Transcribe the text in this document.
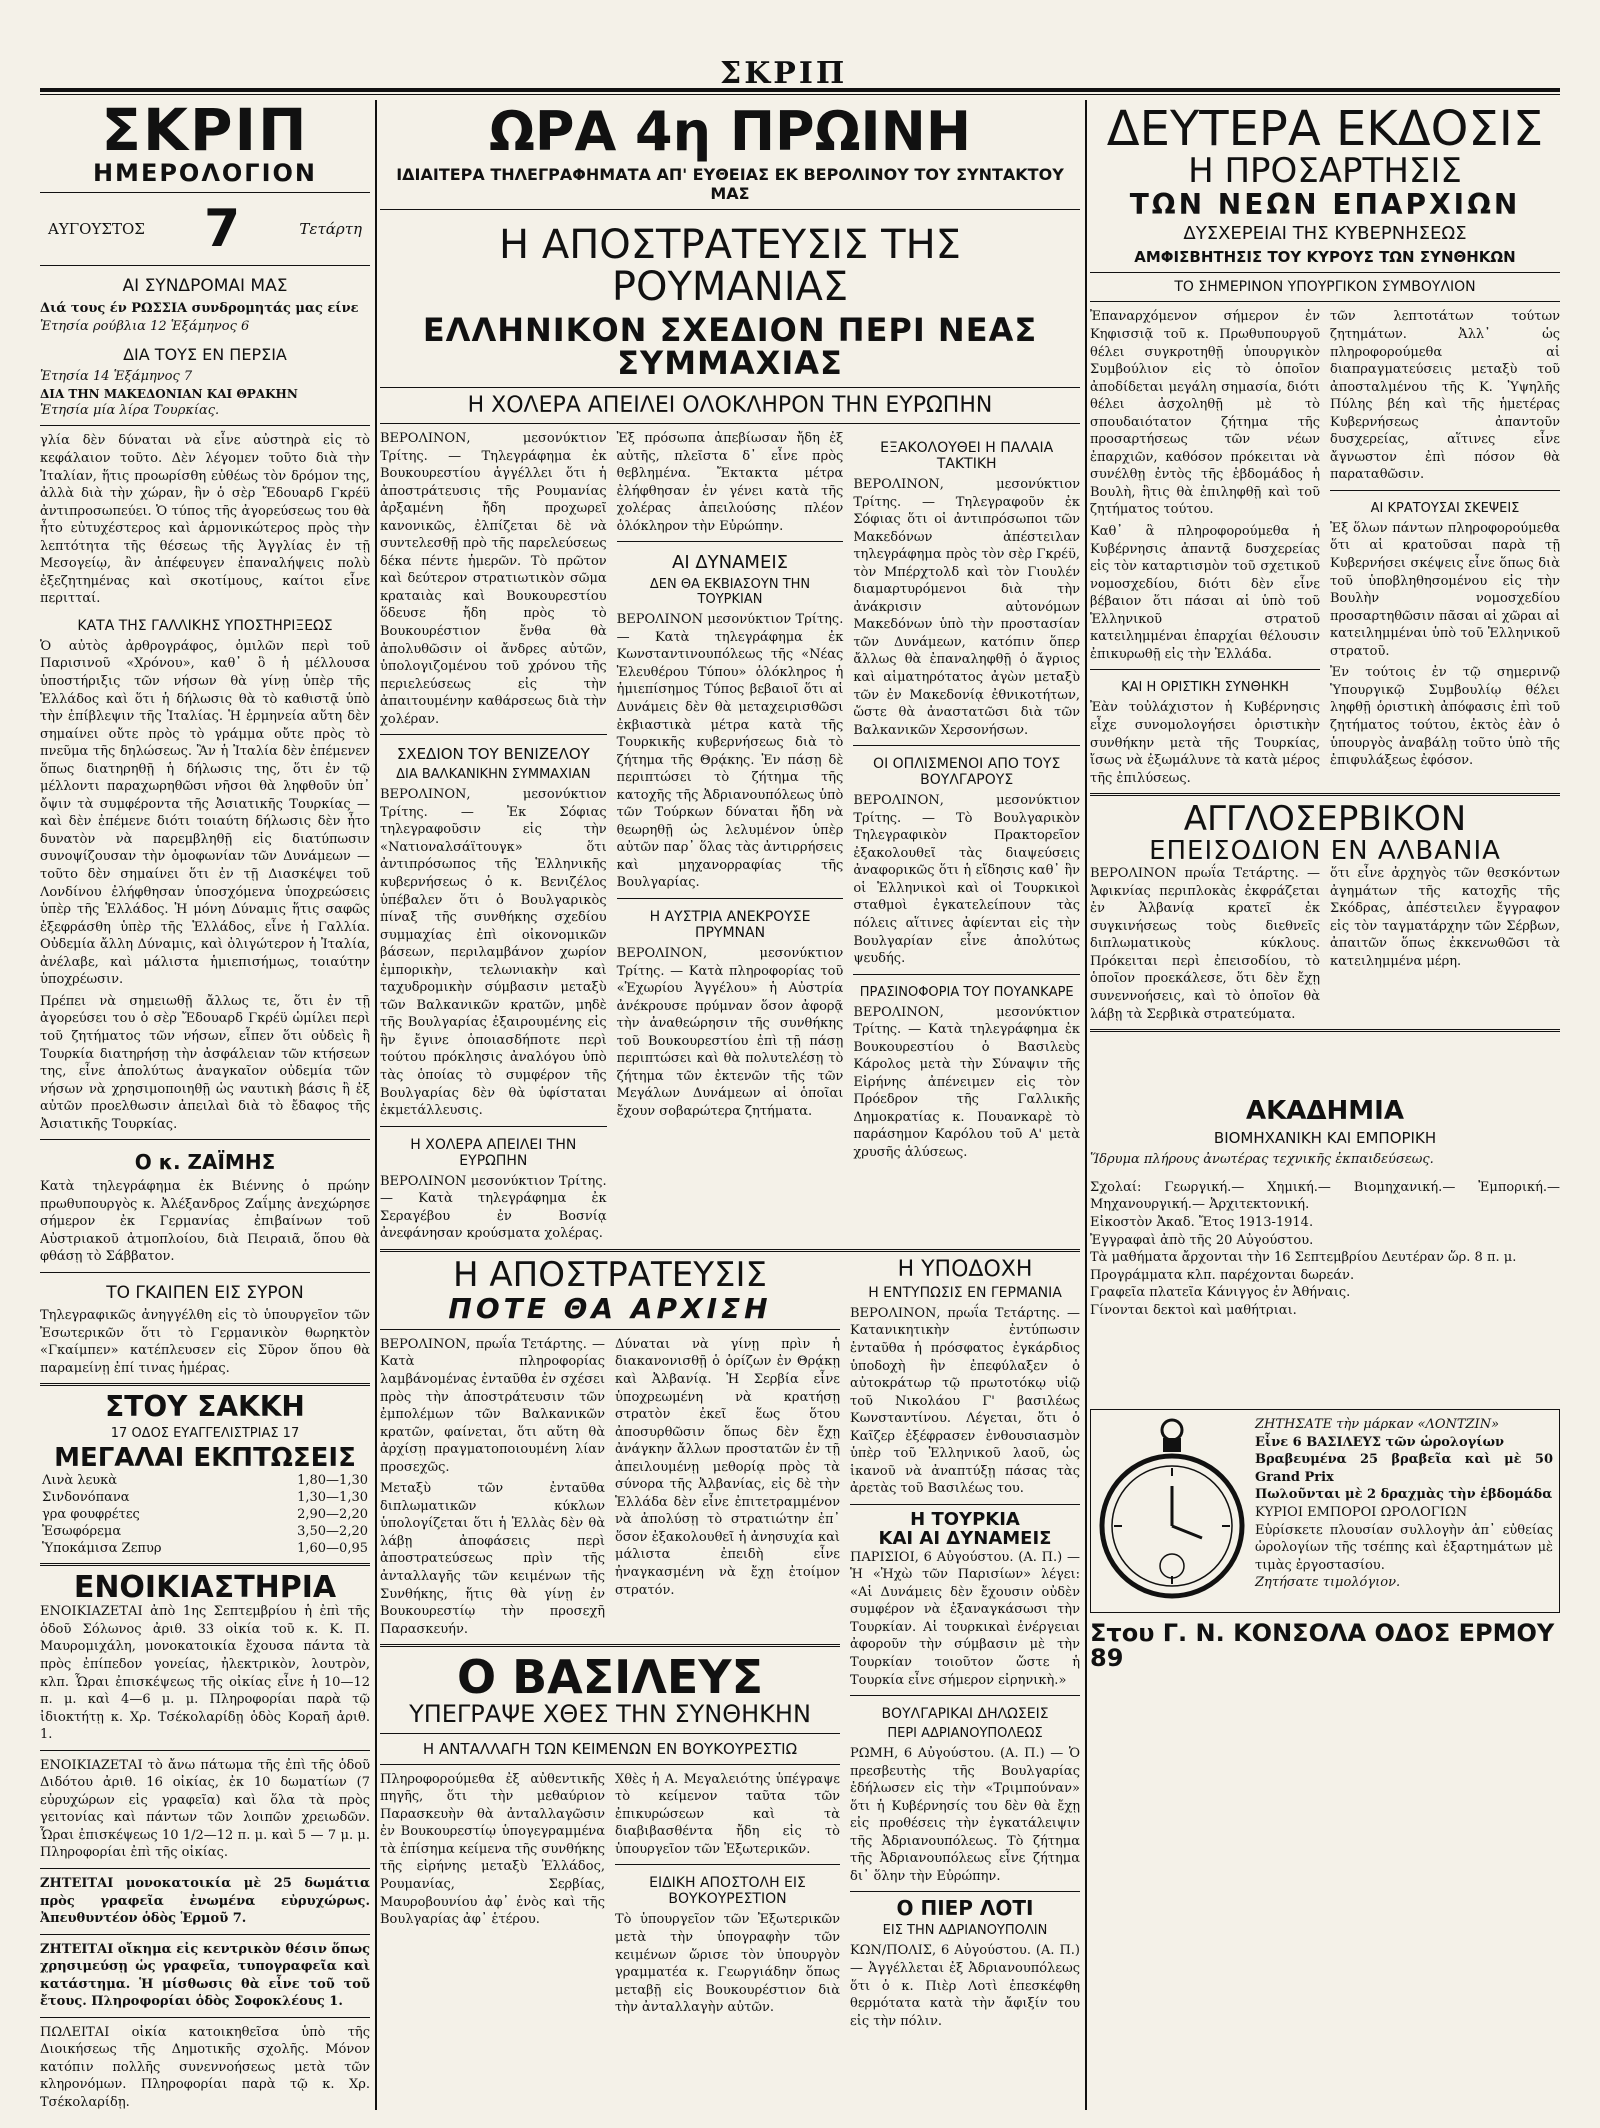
ΣΚΡΙΠ
ΣΚΡΙΠ
ΗΜΕΡΟΛΟΓΙΟΝ
ΑΥΓΟΥΣΤΟΣ 7	Τετάρτη
ΑΙ ΣΥΝΔΡΟΜΑΙ ΜΑΣ
Διά τους έν ΡΩΣΣΙΑ συνδρομητάς μας είνε
Ἐτησία ρούβλια 12 Ἑξάμηνος 6
ΔΙΑ ΤΟΥΣ ΕΝ ΠΕΡΣΙΑ
Ἐτησία 14 Ἑξάμηνος 7
ΔΙΑ ΤΗΝ ΜΑΚΕΔΟΝΙΑΝ ΚΑΙ ΘΡΑΚΗΝ
Ἐτησία μία λίρα Τουρκίας.
γλία δὲν δύναται νὰ εἶνε αὐστηρὰ εἰς τὸ κεφάλαιον τοῦτο. Δὲν λέγομεν τοῦτο διὰ τὴν Ἰταλίαν, ἥτις προωρίσθη εὐθέως τὸν δρόμον της, ἀλλὰ διὰ τὴν χώραν, ἣν ὁ σὲρ Ἔδουαρδ Γκρέϋ ἀντιπροσωπεύει. Ὁ τύπος τῆς ἀγορεύσεως του θὰ ἦτο εὐτυχέστερος καὶ ἁρμονικώτερος πρὸς τὴν λεπτότητα τῆς θέσεως τῆς Ἀγγλίας ἐν τῇ Μεσογείῳ, ἂν ἀπέφευγεν ἐπαναλήψεις πολὺ ἐξεζητημένας καὶ σκοτίμους, καίτοι εἶνε περιτταί.
ΚΑΤΑ ΤΗΣ ΓΑΛΛΙΚΗΣ ΥΠΟΣΤΗΡΙΞΕΩΣ
Ὁ αὐτὸς ἀρθρογράφος, ὁμιλῶν περὶ τοῦ Παρισινοῦ «Χρόνου», καθ᾽ ὃ ἡ μέλλουσα ὑποστήριξις τῶν νήσων θὰ γίνῃ ὑπὲρ τῆς Ἑλλάδος καὶ ὅτι ἡ δήλωσις θὰ τὸ καθιστᾷ ὑπὸ τὴν ἐπίβλεψιν τῆς Ἰταλίας. Ἡ ἑρμηνεία αὕτη δὲν σημαίνει οὔτε πρὸς τὸ γράμμα οὔτε πρὸς τὸ πνεῦμα τῆς δηλώσεως. Ἂν ἡ Ἰταλία δὲν ἐπέμενεν ὅπως διατηρηθῇ ἡ δήλωσις της, ὅτι ἐν τῷ μέλλοντι παραχωρηθῶσι νῆσοι θὰ ληφθοῦν ὑπ᾽ ὄψιν τὰ συμφέροντα τῆς Ἀσιατικῆς Τουρκίας — καὶ δὲν ἐπέμενε διότι τοιαύτη δήλωσις δὲν ἦτο δυνατὸν νὰ παρεμβληθῇ εἰς διατύπωσιν συνοψίζουσαν τὴν ὁμοφωνίαν τῶν Δυνάμεων — τοῦτο δὲν σημαίνει ὅτι ἐν τῇ Διασκέψει τοῦ Λονδίνου ἐλήφθησαν ὑποσχόμενα ὑποχρεώσεις ὑπὲρ τῆς Ἑλλάδος. Ἡ μόνη Δύναμις ἥτις σαφῶς ἐξεφράσθη ὑπὲρ τῆς Ἑλλάδος, εἶνε ἡ Γαλλία. Οὐδεμία ἄλλη Δύναμις, καὶ ὀλιγώτερον ἡ Ἰταλία, ἀνέλαβε, καὶ μάλιστα ἡμιεπισήμως, τοιαύτην ὑποχρέωσιν.
Πρέπει νὰ σημειωθῇ ἄλλως τε, ὅτι ἐν τῇ ἀγορεύσει του ὁ σὲρ Ἔδουαρδ Γκρέϋ ὡμίλει περὶ τοῦ ζητήματος τῶν νήσων, εἶπεν ὅτι οὐδεὶς ἢ Τουρκία διατηρήσῃ τὴν ἀσφάλειαν τῶν κτήσεων της, εἶνε ἀπολύτως ἀναγκαῖον οὐδεμία τῶν νήσων νὰ χρησιμοποιηθῇ ὡς ναυτικὴ βάσις ἢ ἐξ αὐτῶν προελθωσιν ἀπειλαὶ διὰ τὸ ἔδαφος τῆς Ἀσιατικῆς Τουρκίας.
Ο κ. ΖΑΪΜΗΣ
Κατὰ τηλεγράφημα ἐκ Βιέννης ὁ πρώην πρωθυπουργὸς κ. Ἀλέξανδρος Ζαΐμης ἀνεχώρησε σήμερον ἐκ Γερμανίας ἐπιβαίνων τοῦ Αὐστριακοῦ ἀτμοπλοίου, διὰ Πειραιᾶ, ὅπου θὰ φθάσῃ τὸ Σάββατον.
ΤΟ ΓΚΑΙΠΕΝ ΕΙΣ ΣΥΡΟΝ
Τηλεγραφικῶς ἀνηγγέλθη εἰς τὸ ὑπουργεῖον τῶν Ἐσωτερικῶν ὅτι τὸ Γερμανικὸν θωρηκτὸν «Γκαίμπεν» κατέπλευσεν εἰς Σῦρον ὅπου θὰ παραμείνῃ ἐπί τινας ἡμέρας.
ΣΤΟΥ ΣΑΚΚΗ
17 ΟΔΟΣ ΕΥΑΓΓΕΛΙΣΤΡΙΑΣ 17
ΜΕΓΑΛΑΙ ΕΚΠΤΩΣΕΙΣ
Λινὰ λευκὰ	1,80—1,30
Σινδονόπανα	1,30—1,30
γρα φουφρέτες	2,90—2,20
Ἐσωφόρεμα	3,50—2,20
Ὑποκάμισα Ζεπυρ	1,60—0,95
ΕΝΟΙΚΙΑΣΤΗΡΙΑ
ΕΝΟΙΚΙΑΖΕΤΑΙ ἀπὸ 1ης Σεπτεμβρίου ἡ ἐπὶ τῆς ὁδοῦ Σόλωνος ἀριθ. 33 οἰκία τοῦ κ. Κ. Π. Μαυρομιχάλη, μονοκατοικία ἔχουσα πάντα τὰ πρὸς ἐπίπεδον γονείας, ἠλεκτρικὸν, λουτρὸν, κλπ. Ὧραι ἐπισκέψεως τῆς οἰκίας εἶνε ἡ 10—12 π. μ. καὶ 4—6 μ. μ. Πληροφορίαι παρὰ τῷ ἰδιοκτήτῃ κ. Χρ. Τσέκολαρίδῃ ὁδὸς Κοραῆ ἀριθ. 1.
ΕΝΟΙΚΙΑΖΕΤΑΙ τὸ ἄνω πάτωμα τῆς ἐπὶ τῆς ὁδοῦ Διδότου ἀριθ. 16 οἰκίας, ἐκ 10 δωματίων (7 εὐρυχώρων εἰς γραφεῖα) καὶ ὅλα τὰ πρὸς γειτονίας καὶ πάντων τῶν λοιπῶν χρειωδῶν. Ὧραι ἐπισκέψεως 10 1/2—12 π. μ. καὶ 5 — 7 μ. μ. Πληροφορίαι ἐπὶ τῆς οἰκίας.
ΖΗΤΕΙΤΑΙ μονοκατοικία μὲ 25 δωμάτια πρὸς γραφεῖα ἐνωμένα εὐρυχώρως. Ἀπευθυντέον ὁδὸς Ἑρμοῦ 7.
ΖΗΤΕΙΤΑΙ οἴκημα εἰς κεντρικὸν θέσιν ὅπως χρησιμεύσῃ ὡς γραφεῖα, τυπογραφεῖα καὶ κατάστημα. Ἡ μίσθωσις θὰ εἶνε τοῦ τοῦ ἔτους. Πληροφορίαι ὁδὸς Σοφοκλέους 1.
ΠΩΛΕΙΤΑΙ οἰκία κατοικηθεῖσα ὑπὸ τῆς Διοικήσεως τῆς Δημοτικῆς σχολῆς. Μόνον κατόπιν πολλῆς συνεννοήσεως μετὰ τῶν κληρονόμων. Πληροφορίαι παρὰ τῷ κ. Χρ. Τσέκολαρίδῃ.
ΩΡΑ 4η ΠΡΩΙΝΗ
ΙΔΙΑΙΤΕΡΑ ΤΗΛΕΓΡΑΦΗΜΑΤΑ ΑΠ' ΕΥΘΕΙΑΣ ΕΚ ΒΕΡΟΛΙΝΟΥ ΤΟΥ ΣΥΝΤΑΚΤΟΥ ΜΑΣ
Η ΑΠΟΣΤΡΑΤΕΥΣΙΣ ΤΗΣ ΡΟΥΜΑΝΙΑΣ
ΕΛΛΗΝΙΚΟΝ ΣΧΕΔΙΟΝ ΠΕΡΙ ΝΕΑΣ ΣΥΜΜΑΧΙΑΣ
Η ΧΟΛΕΡΑ ΑΠΕΙΛΕΙ ΟΛΟΚΛΗΡΟΝ ΤΗΝ ΕΥΡΩΠΗΝ
ΒΕΡΟΛΙΝΟΝ, μεσονύκτιον Τρίτης. — Τηλεγράφημα ἐκ Βουκουρεστίου ἀγγέλλει ὅτι ἡ ἀποστράτευσις τῆς Ρουμανίας ἀρξαμένη ἤδη προχωρεῖ κανονικῶς, ἐλπίζεται δὲ νὰ συντελεσθῇ πρὸ τῆς παρελεύσεως δέκα πέντε ἡμερῶν. Τὸ πρῶτον καὶ δεύτερον στρατιωτικὸν σῶμα κραταιὰς καὶ Βουκουρεστίου ὅδευσε ἤδη πρὸς τὸ Βουκουρέστιον ἔνθα θὰ ἀπολυθῶσιν οἱ ἄνδρες αὐτῶν, ὑπολογιζομένου τοῦ χρόνου τῆς περιελεύσεως εἰς τὴν ἀπαιτουμένην καθάρσεως διὰ τὴν χολέραν.
ΣΧΕΔΙΟΝ ΤΟΥ ΒΕΝΙΖΕΛΟΥ
ΔΙΑ ΒΑΛΚΑΝΙΚΗΝ ΣΥΜΜΑΧΙΑΝ
ΒΕΡΟΛΙΝΟΝ, μεσονύκτιον Τρίτης. — Ἐκ Σόφιας τηλεγραφοῦσιν εἰς τὴν «Νατιοναλσάϊτουγκ» ὅτι ἀντιπρόσωπος τῆς Ἑλληνικῆς κυβερνήσεως ὁ κ. Βενιζέλος ὑπέβαλεν ὅτι ὁ Βουλγαρικὸς πίναξ τῆς συνθήκης σχεδίου συμμαχίας ἐπὶ οἰκονομικῶν βάσεων, περιλαμβάνον χωρίον ἐμπορικὴν, τελωνιακὴν καὶ ταχυδρομικὴν σύμβασιν μεταξὺ τῶν Βαλκανικῶν κρατῶν, μηδὲ τῆς Βουλγαρίας ἐξαιρουμένης εἰς ἣν ἔγινε ὁποιασδήποτε περὶ τούτου πρόκλησις ἀναλόγου ὑπὸ τὰς ὁποίας τὸ συμφέρον τῆς Βουλγαρίας δὲν θὰ ὑφίσταται ἐκμετάλλευσις.
Η ΧΟΛΕΡΑ ΑΠΕΙΛΕΙ ΤΗΝ ΕΥΡΩΠΗΝ
ΒΕΡΟΛΙΝΟΝ μεσονύκτιον Τρίτης. — Κατὰ τηλεγράφημα ἐκ Σεραγέβου ἐν Βοσνίᾳ ἀνεφάνησαν κρούσματα χολέρας.
Ἐξ πρόσωπα ἀπεβίωσαν ἤδη ἐξ αὐτῆς, πλεῖστα δ᾽ εἶνε πρὸς θεβλημένα. Ἔκτακτα μέτρα ἐλήφθησαν ἐν γένει κατὰ τῆς χολέρας ἀπειλούσης πλέον ὁλόκληρον τὴν Εὐρώπην.
ΑΙ ΔΥΝΑΜΕΙΣ
ΔΕΝ ΘΑ ΕΚΒΙΑΣΟΥΝ ΤΗΝ ΤΟΥΡΚΙΑΝ
ΒΕΡΟΛΙΝΟΝ μεσονύκτιον Τρίτης. — Κατὰ τηλεγράφημα ἐκ Κωνσταντινουπόλεως τῆς «Νέας Ἐλευθέρου Τύπου» ὁλόκληρος ἡ ἡμιεπίσημος Τύπος βεβαιοῖ ὅτι αἱ Δυνάμεις δὲν θὰ μεταχειρισθῶσι ἐκβιαστικὰ μέτρα κατὰ τῆς Τουρκικῆς κυβερνήσεως διὰ τὸ ζήτημα τῆς Θρᾴκης. Ἐν πάσῃ δὲ περιπτώσει τὸ ζήτημα τῆς κατοχῆς τῆς Ἀδριανουπόλεως ὑπὸ τῶν Τούρκων δύναται ἤδη νὰ θεωρηθῇ ὡς λελυμένον ὑπὲρ αὐτῶν παρ᾽ ὅλας τὰς ἀντιρρήσεις καὶ μηχανορραφίας τῆς Βουλγαρίας.
Η ΑΥΣΤΡΙΑ ΑΝΕΚΡΟΥΣΕ ΠΡΥΜΝΑΝ
ΒΕΡΟΛΙΝΟΝ, μεσονύκτιον Τρίτης. — Κατὰ πληροφορίας τοῦ «Ἐχωρίου Ἀγγέλου» ἡ Αὐστρία ἀνέκρουσε πρύμναν ὅσον ἀφορᾷ τὴν ἀναθεώρησιν τῆς συνθήκης τοῦ Βουκουρεστίου ἐπὶ τῇ πάσῃ περιπτώσει καὶ θὰ πολυτελέσῃ τὸ ζήτημα τῶν ἐκτενῶν τῆς τῶν Μεγάλων Δυνάμεων αἱ ὁποῖαι ἔχουν σοβαρώτερα ζητήματα.
ΕΞΑΚΟΛΟΥΘΕΙ Η ΠΑΛΑΙΑ ΤΑΚΤΙΚΗ
ΒΕΡΟΛΙΝΟΝ, μεσονύκτιον Τρίτης. — Τηλεγραφοῦν ἐκ Σόφιας ὅτι οἱ ἀντιπρόσωποι τῶν Μακεδόνων ἀπέστειλαν τηλεγράφημα πρὸς τὸν σὲρ Γκρέϋ, τὸν Μπέρχτολδ καὶ τὸν Γιουλέν διαμαρτυρόμενοι διὰ τὴν ἀνάκρισιν αὐτονόμων Μακεδόνων ὑπὸ τὴν προστασίαν τῶν Δυνάμεων, κατόπιν ὅπερ ἄλλως θὰ ἐπαναληφθῇ ὁ ἄγριος καὶ αἱματηρότατος ἀγὼν μεταξὺ τῶν ἐν Μακεδονίᾳ ἐθνικοτήτων, ὥστε θὰ ἀναστατῶσι διὰ τῶν Βαλκανικῶν Χερσονήσων.
ΟΙ ΟΠΛΙΣΜΕΝΟΙ ΑΠΟ ΤΟΥΣ ΒΟΥΛΓΑΡΟΥΣ
ΒΕΡΟΛΙΝΟΝ, μεσονύκτιον Τρίτης. — Τὸ Βουλγαρικὸν Τηλεγραφικὸν Πρακτορεῖον ἐξακολουθεῖ τὰς διαψεύσεις ἀναφορικῶς ὅτι ἡ εἴδησις καθ᾽ ἣν οἱ Ἑλληνικοὶ καὶ οἱ Τουρκικοὶ σταθμοὶ ἐγκατελείπουν τὰς πόλεις αἵτινες ἀφίενται εἰς τὴν Βουλγαρίαν εἶνε ἀπολύτως ψευδής.
ΠΡΑΣΙΝΟΦΟΡΙΑ ΤΟΥ ΠΟΥΑΝΚΑΡΕ
ΒΕΡΟΛΙΝΟΝ, μεσονύκτιον Τρίτης. — Κατὰ τηλεγράφημα ἐκ Βουκουρεστίου ὁ Βασιλεὺς Κάρολος μετὰ τὴν Σύναψιν τῆς Εἰρήνης ἀπένειμεν εἰς τὸν Πρόεδρον τῆς Γαλλικῆς Δημοκρατίας κ. Πουανκαρὲ τὸ παράσημον Καρόλου τοῦ Α' μετὰ χρυσῆς ἁλύσεως.
Η ΑΠΟΣΤΡΑΤΕΥΣΙΣ
ΠΟΤΕ ΘΑ ΑΡΧΙΣΗ
ΒΕΡΟΛΙΝΟΝ, πρωΐα Τετάρτης. — Κατὰ πληροφορίας λαμβάνομένας ἐνταῦθα ἐν σχέσει πρὸς τὴν ἀποστράτευσιν τῶν ἐμπολέμων τῶν Βαλκανικῶν κρατῶν, φαίνεται, ὅτι αὕτη θὰ ἀρχίσῃ πραγματοποιουμένη λίαν προσεχῶς.
Μεταξὺ τῶν ἐνταῦθα διπλωματικῶν κύκλων ὑπολογίζεται ὅτι ἡ Ἑλλὰς δὲν θὰ λάβῃ ἀποφάσεις περὶ ἀποστρατεύσεως πρὶν τῆς ἀνταλλαγῆς τῶν κειμένων τῆς Συνθήκης, ἥτις θὰ γίνῃ ἐν Βουκουρεστίῳ τὴν προσεχῆ Παρασκευήν.
Δύναται νὰ γίνῃ πρὶν ἡ διακανονισθῇ ὁ ὁρίζων ἐν Θρᾴκῃ καὶ Ἀλβανίᾳ. Ἡ Σερβία εἶνε ὑποχρεωμένη νὰ κρατήσῃ στρατὸν ἐκεῖ ἕως ὅτου ἀποσυρθῶσιν ὅπως δὲν ἔχῃ ἀνάγκην ἄλλων προστατῶν ἐν τῇ ἀπειλουμένῃ μεθορίᾳ πρὸς τὰ σύνορα τῆς Ἀλβανίας, εἰς δὲ τὴν Ἑλλάδα δὲν εἶνε ἐπιτετραμμένον νὰ ἀπολύσῃ τὸ στρατιώτην ἐπ᾽ ὅσον ἐξακολουθεῖ ἡ ἀνησυχία καὶ μάλιστα ἐπειδὴ εἶνε ἠναγκασμένη νὰ ἔχῃ ἐτοίμον στρατόν.
Ο ΒΑΣΙΛΕΥΣ
ΥΠΕΓΡΑΨΕ ΧΘΕΣ ΤΗΝ ΣΥΝΘΗΚΗΝ
Η ΑΝΤΑΛΛΑΓΗ ΤΩΝ ΚΕΙΜΕΝΩΝ ΕΝ ΒΟΥΚΟΥΡΕΣΤΙΩ
Πληροφορούμεθα ἐξ αὐθεντικῆς πηγῆς, ὅτι τὴν μεθαύριον Παρασκευὴν θὰ ἀνταλλαγῶσιν ἐν Βουκουρεστίῳ ὑπογεγραμμένα τὰ ἐπίσημα κείμενα τῆς συνθήκης τῆς εἰρήνης μεταξὺ Ἑλλάδος, Ρουμανίας, Σερβίας, Μαυροβουνίου ἀφ᾽ ἑνὸς καὶ τῆς Βουλγαρίας ἀφ᾽ ἑτέρου.
Χθὲς ἡ Α. Μεγαλειότης ὑπέγραψε τὸ κείμενον ταῦτα τῶν ἐπικυρώσεων καὶ τὰ διαβιβασθέντα ἤδη εἰς τὸ ὑπουργεῖον τῶν Ἐξωτερικῶν.
ΕΙΔΙΚΗ ΑΠΟΣΤΟΛΗ ΕΙΣ ΒΟΥΚΟΥΡΕΣΤΙΟΝ
Τὸ ὑπουργεῖον τῶν Ἐξωτερικῶν μετὰ τὴν ὑπογραφὴν τῶν κειμένων ὥρισε τὸν ὑπουργὸν γραμματέα κ. Γεωργιάδην ὅπως μεταβῇ εἰς Βουκουρέστιον διὰ τὴν ἀνταλλαγὴν αὐτῶν.
Η ΥΠΟΔΟΧΗ
Η ΕΝΤΥΠΩΣΙΣ ΕΝ ΓΕΡΜΑΝΙΑ
ΒΕΡΟΛΙΝΟΝ, πρωΐα Τετάρτης. — Κατανικητικὴν ἐντύπωσιν ἐνταῦθα ἡ πρόσφατος ἐγκάρδιος ὑποδοχὴ ἣν ἐπεφύλαξεν ὁ αὐτοκράτωρ τῷ πρωτοτόκῳ υἱῷ τοῦ Νικολάου Γ' βασιλέως Κωνσταντίνου. Λέγεται, ὅτι ὁ Καῖζερ ἐξέφρασεν ἐνθουσιασμὸν ὑπὲρ τοῦ Ἑλληνικοῦ λαοῦ, ὡς ἱκανοῦ νὰ ἀναπτύξῃ πάσας τὰς ἀρετὰς τοῦ Βασιλέως του.
Η ΤΟΥΡΚΙΑ
ΚΑΙ ΑΙ ΔΥΝΑΜΕΙΣ
ΠΑΡΙΣΙΟΙ, 6 Αὐγούστου. (Α. Π.) — Ἡ «Ἠχὼ τῶν Παρισίων» λέγει: «Αἱ Δυνάμεις δὲν ἔχουσιν οὐδὲν συμφέρον νὰ ἐξαναγκάσωσι τὴν Τουρκίαν. Αἱ τουρκικαὶ ἐνέργειαι ἀφοροῦν τὴν σύμβασιν μὲ τὴν Τουρκίαν τοιοῦτον ὥστε ἡ Τουρκία εἶνε σήμερον εἰρηνικὴ.»
ΒΟΥΛΓΑΡΙΚΑΙ ΔΗΛΩΣΕΙΣ
ΠΕΡΙ ΑΔΡΙΑΝΟΥΠΟΛΕΩΣ
ΡΩΜΗ, 6 Αὐγούστου. (Α. Π.) — Ὁ πρεσβευτὴς τῆς Βουλγαρίας ἐδήλωσεν εἰς τὴν «Τριμπούναν» ὅτι ἡ Κυβέρνησίς του δὲν θὰ ἔχῃ εἰς προθέσεις τὴν ἐγκατάλειψιν τῆς Ἀδριανουπόλεως. Τὸ ζήτημα τῆς Ἀδριανουπόλεως εἶνε ζήτημα δι᾽ ὅλην τὴν Εὐρώπην.
Ο ΠΙΕΡ ΛΟΤΙ
ΕΙΣ ΤΗΝ ΑΔΡΙΑΝΟΥΠΟΛΙΝ
ΚΩΝ/ΠΟΛΙΣ, 6 Αὐγούστου. (Α. Π.) — Ἀγγέλλεται ἐξ Ἀδριανουπόλεως ὅτι ὁ κ. Πιὲρ Λοτὶ ἐπεσκέφθη θερμότατα κατὰ τὴν ἄφιξίν του εἰς τὴν πόλιν.
ΔΕΥΤΕΡΑ ΕΚΔΟΣΙΣ
Η ΠΡΟΣΑΡΤΗΣΙΣ
ΤΩΝ ΝΕΩΝ ΕΠΑΡΧΙΩΝ
ΔΥΣΧΕΡΕΙΑΙ ΤΗΣ ΚΥΒΕΡΝΗΣΕΩΣ
ΑΜΦΙΣΒΗΤΗΣΙΣ ΤΟΥ ΚΥΡΟΥΣ ΤΩΝ ΣΥΝΘΗΚΩΝ
ΤΟ ΣΗΜΕΡΙΝΟΝ ΥΠΟΥΡΓΙΚΟΝ ΣΥΜΒΟΥΛΙΟΝ
Ἐπαναρχόμενον σήμερον ἐν Κηφισσιᾷ τοῦ κ. Πρωθυπουργοῦ θέλει συγκροτηθῇ ὑπουργικὸν Συμβούλιον εἰς τὸ ὁποῖον ἀποδίδεται μεγάλη σημασία, διότι θέλει ἀσχοληθῇ μὲ τὸ σπουδαιότατον ζήτημα τῆς προσαρτήσεως τῶν νέων ἐπαρχιῶν, καθόσον πρόκειται νὰ συνέλθῃ ἐντὸς τῆς ἑβδομάδος ἡ Βουλὴ, ἣτις θὰ ἐπιληφθῇ καὶ τοῦ ζητήματος τούτου.
Καθ᾽ ἃ πληροφορούμεθα ἡ Κυβέρνησις ἀπαντᾷ δυσχερείας εἰς τὸν καταρτισμὸν τοῦ σχετικοῦ νομοσχεδίου, διότι δὲν εἶνε βέβαιον ὅτι πάσαι αἱ ὑπὸ τοῦ Ἑλληνικοῦ στρατοῦ κατειλημμέναι ἐπαρχίαι θέλουσιν ἐπικυρωθῇ εἰς τὴν Ἑλλάδα.
ΚΑΙ Η ΟΡΙΣΤΙΚΗ ΣΥΝΘΗΚΗ
Ἐὰν τοὐλάχιστον ἡ Κυβέρνησις εἶχε συνομολογήσει ὁριστικὴν συνθήκην μετὰ τῆς Τουρκίας, ἴσως νὰ ἐξωμάλυνε τὰ κατὰ μέρος τῆς ἐπιλύσεως.
τῶν λεπτοτάτων τούτων ζητημάτων. Ἀλλ᾽ ὡς πληροφορούμεθα αἱ διαπραγματεύσεις μεταξὺ τοῦ ἀποσταλμένου τῆς Κ. Ὑψηλῆς Πύλης βέη καὶ τῆς ἡμετέρας Κυβερνήσεως ἀπαντοῦν δυσχερείας, αἵτινες εἶνε ἄγνωστον ἐπὶ πόσον θὰ παραταθῶσιν.
ΑΙ ΚΡΑΤΟΥΣΑΙ ΣΚΕΨΕΙΣ
Ἐξ ὅλων πάντων πληροφορούμεθα ὅτι αἱ κρατοῦσαι παρὰ τῇ Κυβερνήσει σκέψεις εἶνε ὅπως διὰ τοῦ ὑποβληθησομένου εἰς τὴν Βουλὴν νομοσχεδίου προσαρτηθῶσιν πᾶσαι αἱ χῶραι αἱ κατειλημμέναι ὑπὸ τοῦ Ἑλληνικοῦ στρατοῦ.
Ἐν τούτοις ἐν τῷ σημερινῷ Ὑπουργικῷ Συμβουλίῳ θέλει ληφθῇ ὁριστικὴ ἀπόφασις ἐπὶ τοῦ ζητήματος τούτου, ἐκτὸς ἐὰν ὁ ὑπουργὸς ἀναβάλῃ τοῦτο ὑπὸ τῆς ἐπιφυλάξεως ἐφόσον.
ΑΓΓΛΟΣΕΡΒΙΚΟΝ
ΕΠΕΙΣΟΔΙΟΝ ΕΝ ΑΛΒΑΝΙΑ
ΒΕΡΟΛΙΝΟΝ πρωΐα Τετάρτης. — Ἀφικνίας περιπλοκὰς ἐκφράζεται ἐν Ἀλβανίᾳ κρατεῖ ἐκ συγκινήσεως τοὺς διεθνεῖς διπλωματικοὺς κύκλους. Πρόκειται περὶ ἐπεισοδίου, τὸ ὁποῖον προεκάλεσε, ὅτι δὲν ἔχῃ συνεννοήσεις, καὶ τὸ ὁποῖον θὰ λάβῃ τὰ Σερβικὰ στρατεύματα.
ὅτι εἶνε ἀρχηγὸς τῶν θεσκόντων ἀγημάτων τῆς κατοχῆς τῆς Σκόδρας, ἀπέστειλεν ἔγγραφον εἰς τὸν ταγματάρχην τῶν Σέρβων, ἀπαιτῶν ὅπως ἐκκενωθῶσι τὰ κατειλημμένα μέρη.
ΑΚΑΔΗΜΙΑ
ΒΙΟΜΗΧΑΝΙΚΗ ΚΑΙ ΕΜΠΟΡΙΚΗ
Ἵδρυμα πλήρους ἀνωτέρας τεχνικῆς ἐκπαιδεύσεως.
Σχολαί: Γεωργική.— Χημική.— Βιομηχανική.— Ἐμπορική.— Μηχανουργική.— Ἀρχιτεκτονική.
Εἰκοστὸν Ἀκαδ. Ἔτος 1913-1914.
Ἐγγραφαὶ ἀπὸ τῆς 20 Αὐγούστου.
Τὰ μαθήματα ἄρχονται τὴν 16 Σεπτεμβρίου Δευτέραν ὥρ. 8 π. μ.
Προγράμματα κλπ. παρέχονται δωρεάν.
Γραφεῖα πλατεῖα Κάνιγγος ἐν Ἀθήναις.
Γίνονται δεκτοὶ καὶ μαθήτριαι.
ΖΗΤΗΣΑΤΕ τὴν μάρκαν «ΛΟΝΤΖΙΝ»
Εἶνε 6 ΒΑΣΙΛΕΥΣ τῶν ὡρολογίων
Βραβευμένα 25 βραβεῖα καὶ μὲ 50 Grand Prix
Πωλοῦνται μὲ 2 δραχμὰς τὴν ἑβδομάδα
ΚΥΡΙΟΙ ΕΜΠΟΡΟΙ ΩΡΟΛΟΓΙΩΝ
Εὑρίσκετε πλουσίαν συλλογὴν ἀπ᾽ εὐθείας ὡρολογίων τῆς τσέπης καὶ ἐξαρτημάτων μὲ τιμὰς ἐργοστασίου.
Ζητήσατε τιμολόγιον.
Στου Γ. Ν. ΚΟΝΣΟΛΑ ΟΔΟΣ ΕΡΜΟΥ 89
